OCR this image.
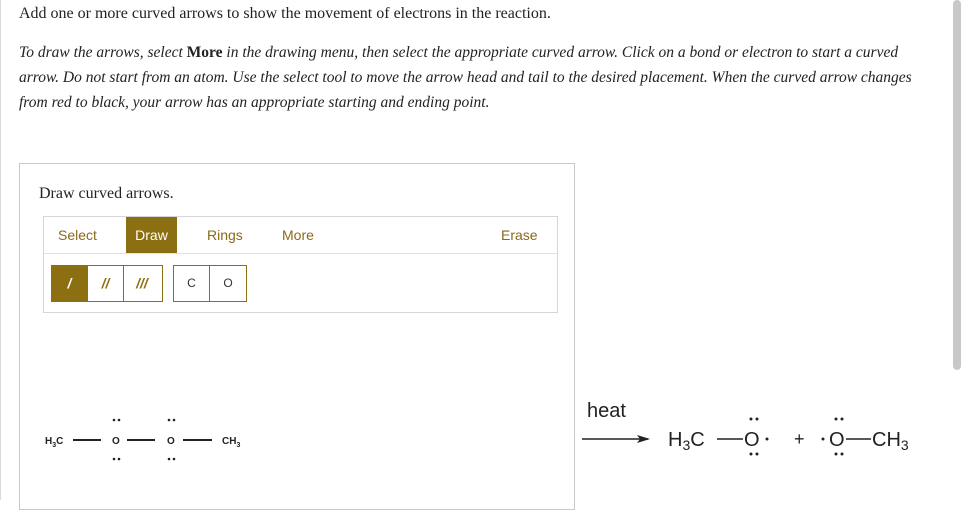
Add one or more curved arrows to show the movement of electrons in the reaction.
To draw the arrows, select More in the drawing menu, then select the appropriate curved arrow. Click on a bond or electron to start a curved arrow. Do not start from an atom. Use the select tool to move the arrow head and tail to the desired placement. When the curved arrow changes from red to black, your arrow has an appropriate starting and ending point.
Draw curved arrows.
Select	Draw	Rings	More	Erase
/	//	///	C	O
$H_3C$	O	O	$CH_3$
heat
$H_3C$ O + O $CH_3$
